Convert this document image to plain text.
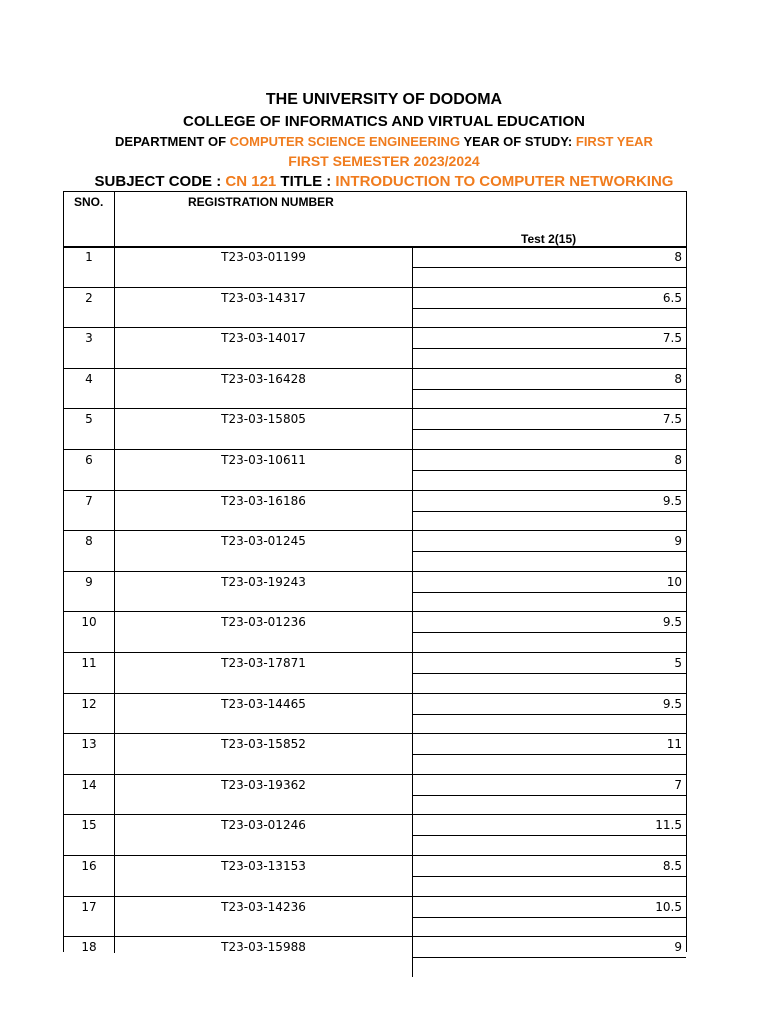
THE UNIVERSITY OF DODOMA
COLLEGE OF INFORMATICS AND VIRTUAL EDUCATION
DEPARTMENT OF COMPUTER SCIENCE ENGINEERING YEAR OF STUDY: FIRST YEAR
FIRST SEMESTER 2023/2024
SUBJECT CODE : CN 121 TITLE : INTRODUCTION TO COMPUTER NETWORKING
SNO.	REGISTRATION NUMBER
Test 2(15)
1	T23-03-01199	8
2	T23-03-14317	6.5
3	T23-03-14017	7.5
4	T23-03-16428	8
5	T23-03-15805	7.5
6	T23-03-10611	8
7	T23-03-16186	9.5
8	T23-03-01245	9
9	T23-03-19243	10
10	T23-03-01236	9.5
11	T23-03-17871	5
12	T23-03-14465	9.5
13	T23-03-15852	11
14	T23-03-19362	7
15	T23-03-01246	11.5
16	T23-03-13153	8.5
17	T23-03-14236	10.5
18	T23-03-15988	9
